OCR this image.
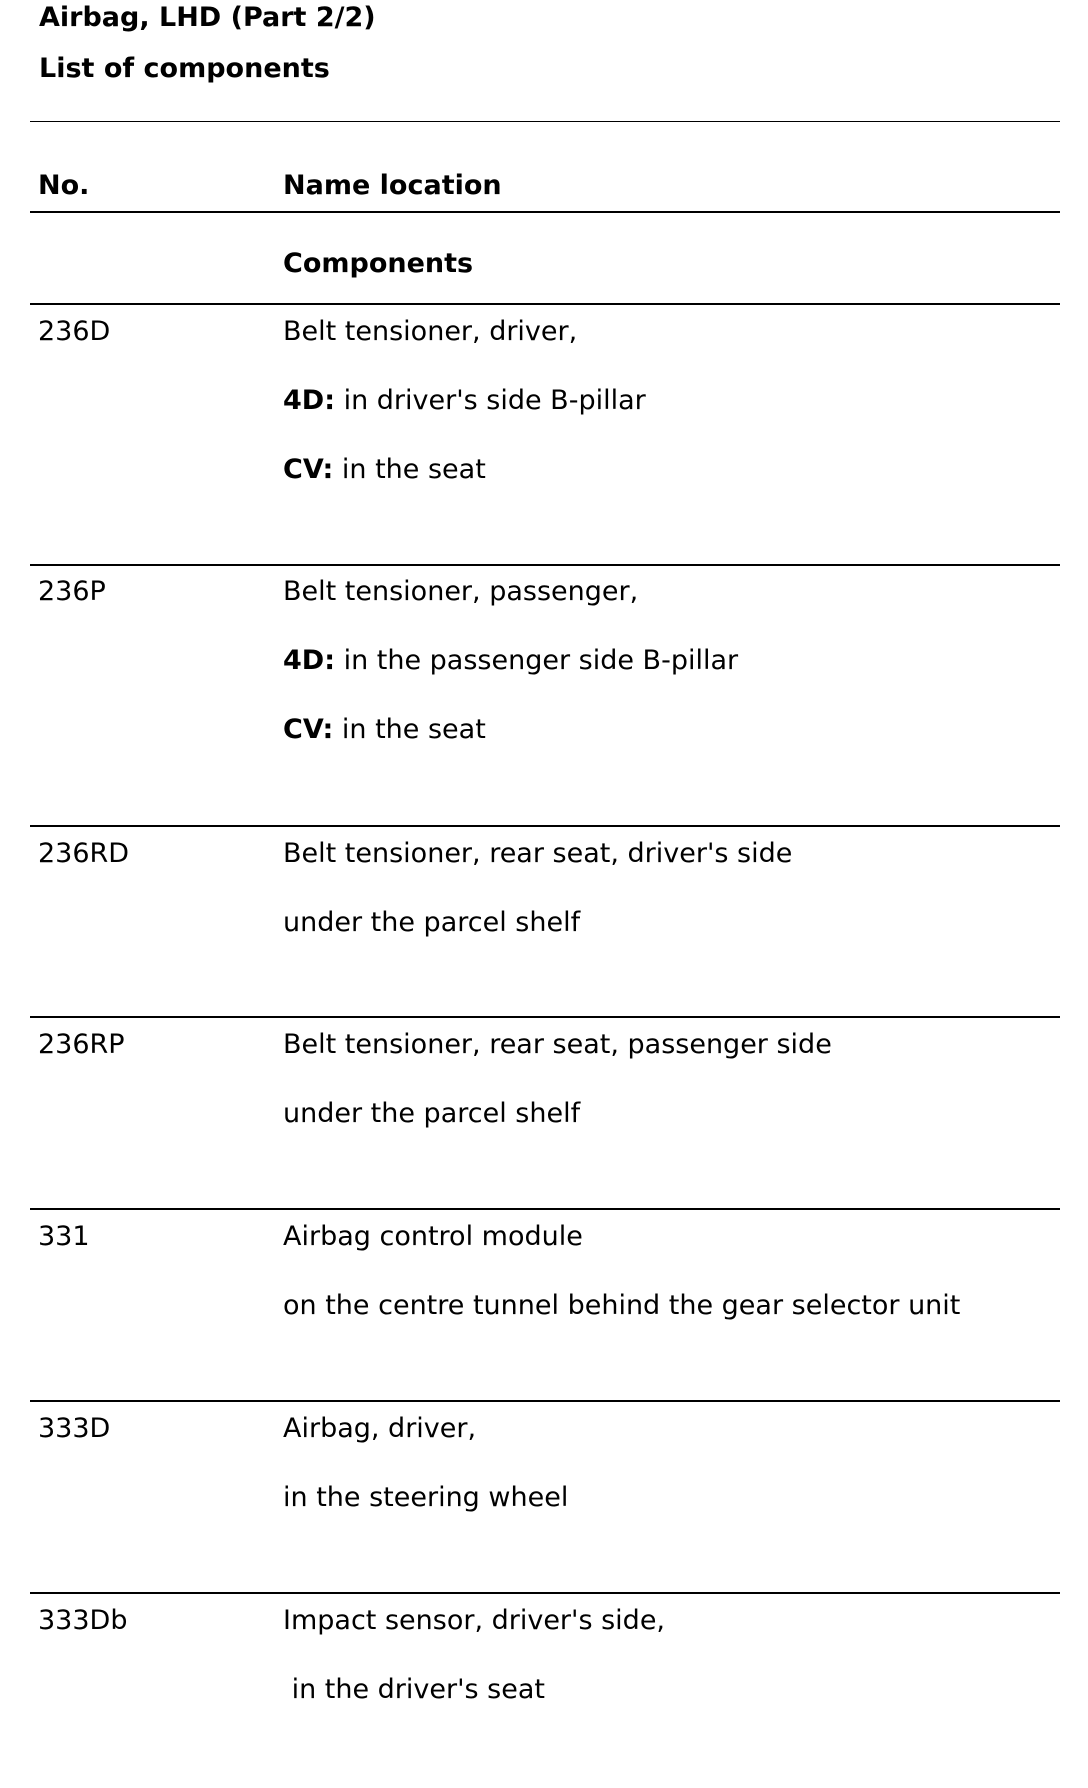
Airbag, LHD (Part 2/2)
List of components
No.	Name location
Components
236D	Belt tensioner, driver,
4D: in driver's side B-pillar
CV: in the seat
236P	Belt tensioner, passenger,
4D: in the passenger side B-pillar
CV: in the seat
236RD	Belt tensioner, rear seat, driver's side
under the parcel shelf
236RP	Belt tensioner, rear seat, passenger side
under the parcel shelf
331	Airbag control module
on the centre tunnel behind the gear selector unit
333D	Airbag, driver,
in the steering wheel
333Db	Impact sensor, driver's side,
in the driver's seat
